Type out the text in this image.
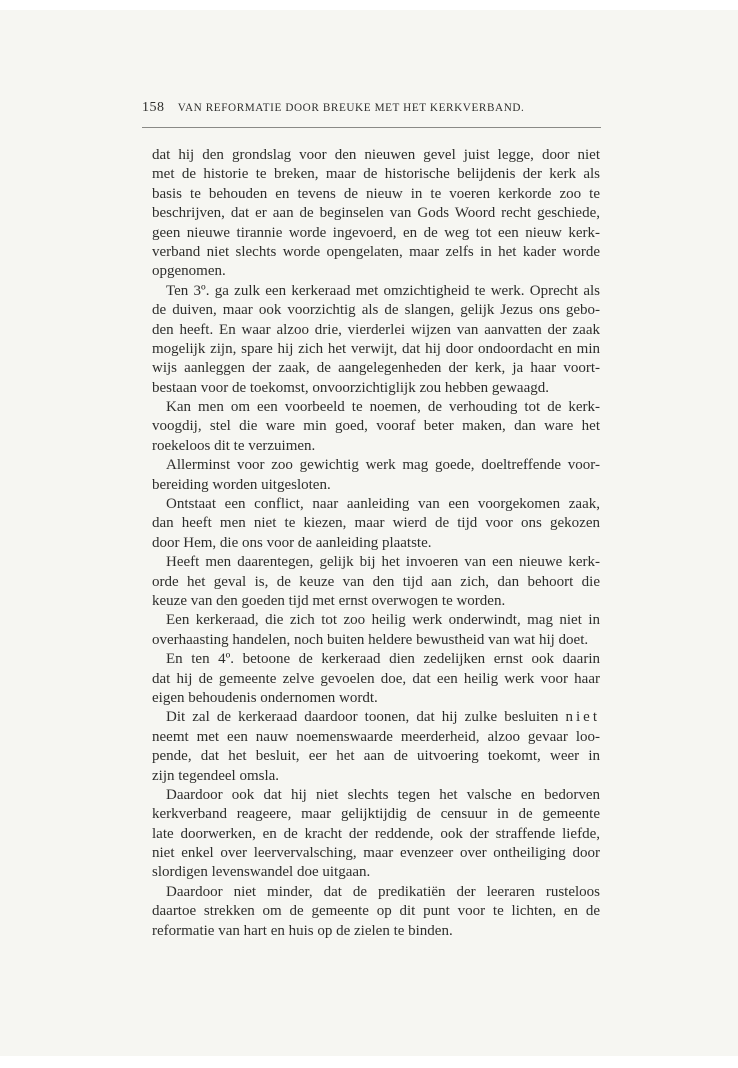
158 VAN REFORMATIE DOOR BREUKE MET HET KERKVERBAND.

dat hij den grondslag voor den nieuwen gevel juist legge, door niet

met de historie te breken, maar de historische belijdenis der kerk als

basis te behouden en tevens de nieuw in te voeren kerkorde zoo te

beschrijven, dat er aan de beginselen van Gods Woord recht geschiede,

geen nieuwe tirannie worde ingevoerd, en de weg tot een nieuw kerk-

verband niet slechts worde opengelaten, maar zelfs in het kader worde

opgenomen.

Ten 3º. ga zulk een kerkeraad met omzichtigheid te werk. Oprecht als

de duiven, maar ook voorzichtig als de slangen, gelijk Jezus ons gebo-

den heeft. En waar alzoo drie, vierderlei wijzen van aanvatten der zaak

mogelijk zijn, spare hij zich het verwijt, dat hij door ondoordacht en min

wijs aanleggen der zaak, de aangelegenheden der kerk, ja haar voort-

bestaan voor de toekomst, onvoorzichtiglijk zou hebben gewaagd.

Kan men om een voorbeeld te noemen, de verhouding tot de kerk-

voogdij, stel die ware min goed, vooraf beter maken, dan ware het

roekeloos dit te verzuimen.

Allerminst voor zoo gewichtig werk mag goede, doeltreffende voor-

bereiding worden uitgesloten.

Ontstaat een conflict, naar aanleiding van een voorgekomen zaak,

dan heeft men niet te kiezen, maar wierd de tijd voor ons gekozen

door Hem, die ons voor de aanleiding plaatste.

Heeft men daarentegen, gelijk bij het invoeren van een nieuwe kerk-

orde het geval is, de keuze van den tijd aan zich, dan behoort die

keuze van den goeden tijd met ernst overwogen te worden.

Een kerkeraad, die zich tot zoo heilig werk onderwindt, mag niet in

overhaasting handelen, noch buiten heldere bewustheid van wat hij doet.

En ten 4º. betoone de kerkeraad dien zedelijken ernst ook daarin

dat hij de gemeente zelve gevoelen doe, dat een heilig werk voor haar

eigen behoudenis ondernomen wordt.

Dit zal de kerkeraad daardoor toonen, dat hij zulke besluiten niet

neemt met een nauw noemenswaarde meerderheid, alzoo gevaar loo-

pende, dat het besluit, eer het aan de uitvoering toekomt, weer in

zijn tegendeel omsla.

Daardoor ook dat hij niet slechts tegen het valsche en bedorven

kerkverband reageere, maar gelijktijdig de censuur in de gemeente

late doorwerken, en de kracht der reddende, ook der straffende liefde,

niet enkel over leervervalsching, maar evenzeer over ontheiliging door

slordigen levenswandel doe uitgaan.

Daardoor niet minder, dat de predikatiën der leeraren rusteloos

daartoe strekken om de gemeente op dit punt voor te lichten, en de

reformatie van hart en huis op de zielen te binden.
